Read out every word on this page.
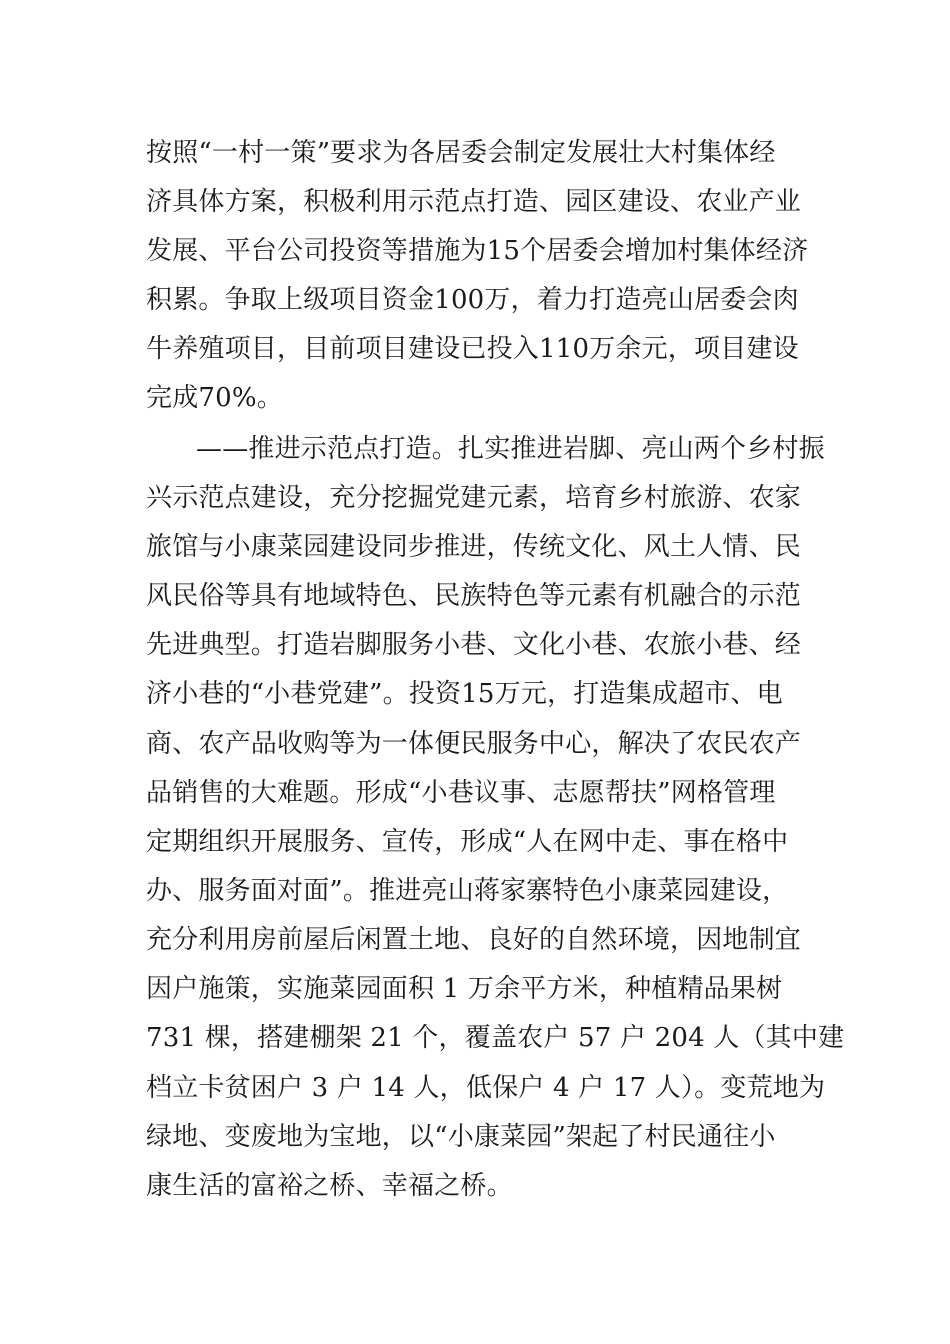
按照“一村一策”要求为各居委会制定发展壮大村集体经
济具体方案，积极利用示范点打造、园区建设、农业产业
发展、平台公司投资等措施为15个居委会增加村集体经济
积累。争取上级项目资金100万，着力打造亮山居委会肉
牛养殖项目，目前项目建设已投入110万余元，项目建设
完成70%。
——推进示范点打造。扎实推进岩脚、亮山两个乡村振
兴示范点建设，充分挖掘党建元素，培育乡村旅游、农家
旅馆与小康菜园建设同步推进，传统文化、风土人情、民
风民俗等具有地域特色、民族特色等元素有机融合的示范
先进典型。打造岩脚服务小巷、文化小巷、农旅小巷、经
济小巷的“小巷党建”。投资15万元，打造集成超市、电
商、农产品收购等为一体便民服务中心，解决了农民农产
品销售的大难题。形成“小巷议事、志愿帮扶”网格管理
定期组织开展服务、宣传，形成“人在网中走、事在格中
办、服务面对面”。推进亮山蒋家寨特色小康菜园建设，
充分利用房前屋后闲置土地、良好的自然环境，因地制宜
因户施策，实施菜园面积 1 万余平方米，种植精品果树
731 棵，搭建棚架 21 个，覆盖农户 57 户 204 人（其中建
档立卡贫困户 3 户 14 人，低保户 4 户 17 人）。变荒地为
绿地、变废地为宝地，以“小康菜园”架起了村民通往小
康生活的富裕之桥、幸福之桥。
